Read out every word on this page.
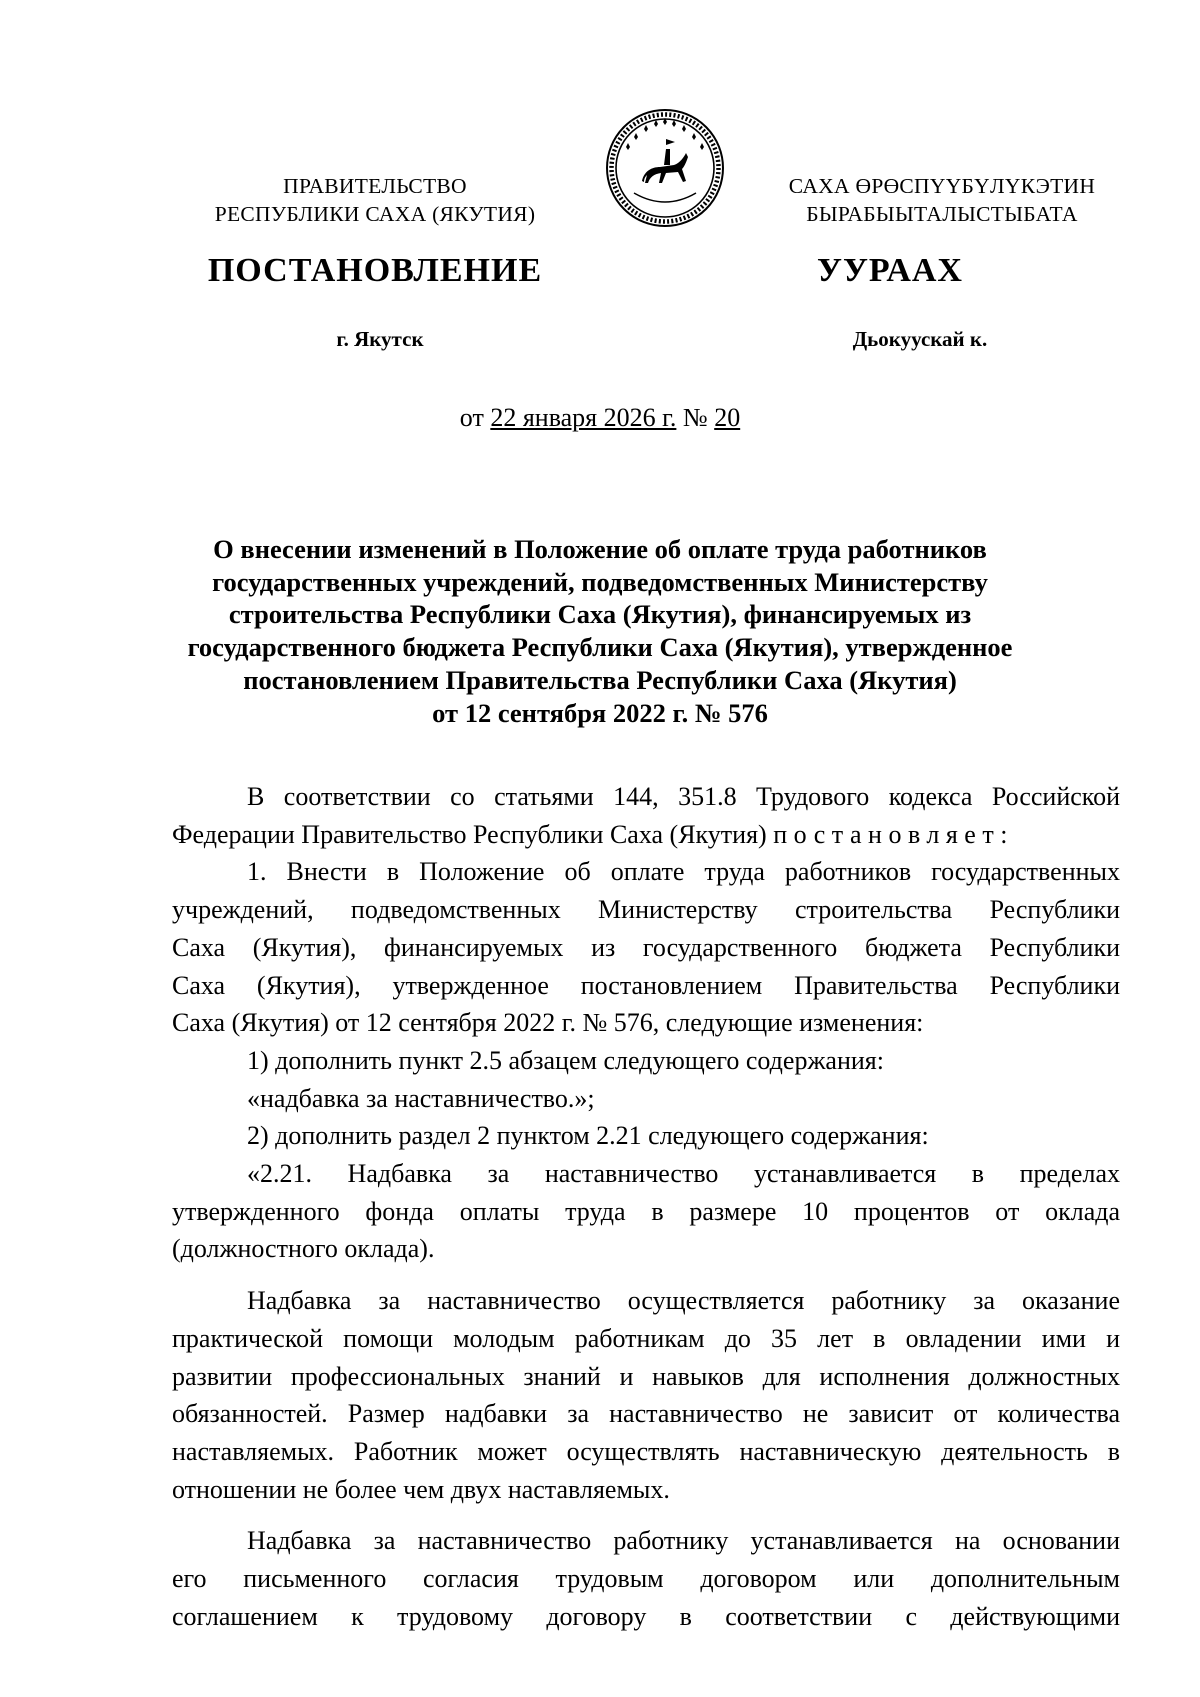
ПРАВИТЕЛЬСТВО
РЕСПУБЛИКИ САХА (ЯКУТИЯ)
САХА ӨРӨСПҮҮБҮЛҮКЭТИН
БЫРАБЫЫТАЛЫСТЫБАТА
ПОСТАНОВЛЕНИЕ	УУРААХ
г. Якутск	Дьокуускай к.
от 22 января 2026 г. № 20
О внесении изменений в Положение об оплате труда работников
государственных учреждений, подведомственных Министерству
строительства Республики Саха (Якутия), финансируемых из
государственного бюджета Республики Саха (Якутия), утвержденное
постановлением Правительства Республики Саха (Якутия)
от 12 сентября 2022 г. № 576
В соответствии со статьями 144, 351.8 Трудового кодекса Российской
Федерации Правительство Республики Саха (Якутия) постановляет:
1. Внести в Положение об оплате труда работников государственных
учреждений, подведомственных Министерству строительства Республики
Саха (Якутия), финансируемых из государственного бюджета Республики
Саха (Якутия), утвержденное постановлением Правительства Республики
Саха (Якутия) от 12 сентября 2022 г. № 576, следующие изменения:
1) дополнить пункт 2.5 абзацем следующего содержания:
«надбавка за наставничество.»;
2) дополнить раздел 2 пунктом 2.21 следующего содержания:
«2.21. Надбавка за наставничество устанавливается в пределах
утвержденного фонда оплаты труда в размере 10 процентов от оклада
(должностного оклада).
Надбавка за наставничество осуществляется работнику за оказание
практической помощи молодым работникам до 35 лет в овладении ими и
развитии профессиональных знаний и навыков для исполнения должностных
обязанностей. Размер надбавки за наставничество не зависит от количества
наставляемых. Работник может осуществлять наставническую деятельность в
отношении не более чем двух наставляемых.
Надбавка за наставничество работнику устанавливается на основании
его письменного согласия трудовым договором или дополнительным
соглашением к трудовому договору в соответствии с действующими
